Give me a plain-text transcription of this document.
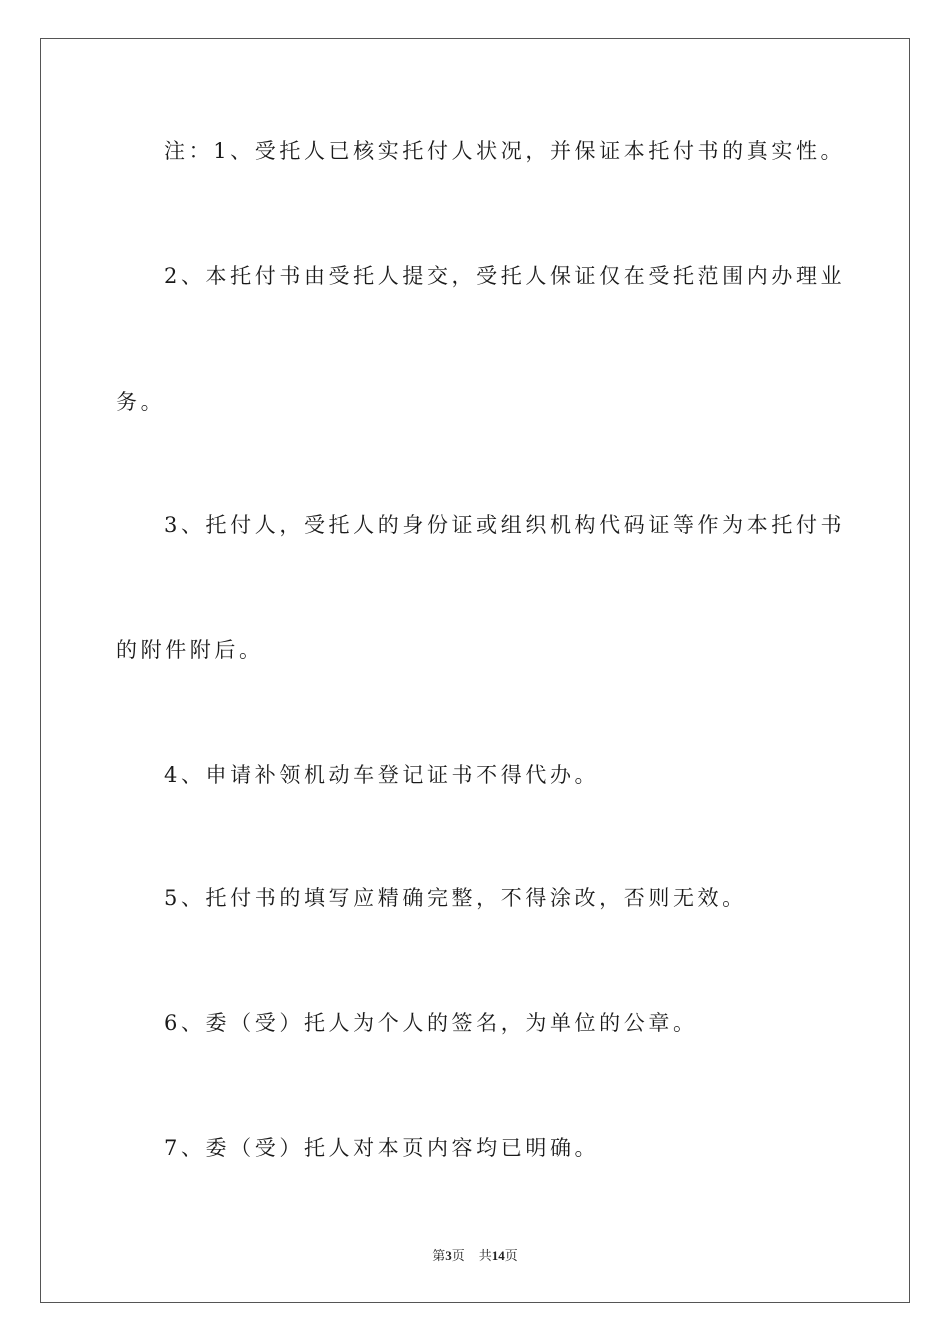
注：1、受托人已核实托付人状况，并保证本托付书的真实性。
2、本托付书由受托人提交，受托人保证仅在受托范围内办理业
务。
3、托付人，受托人的身份证或组织机构代码证等作为本托付书
的附件附后。
4、申请补领机动车登记证书不得代办。
5、托付书的填写应精确完整，不得涂改，否则无效。
6、委（受）托人为个人的签名，为单位的公章。
7、委（受）托人对本页内容均已明确。
第3页 共14页
